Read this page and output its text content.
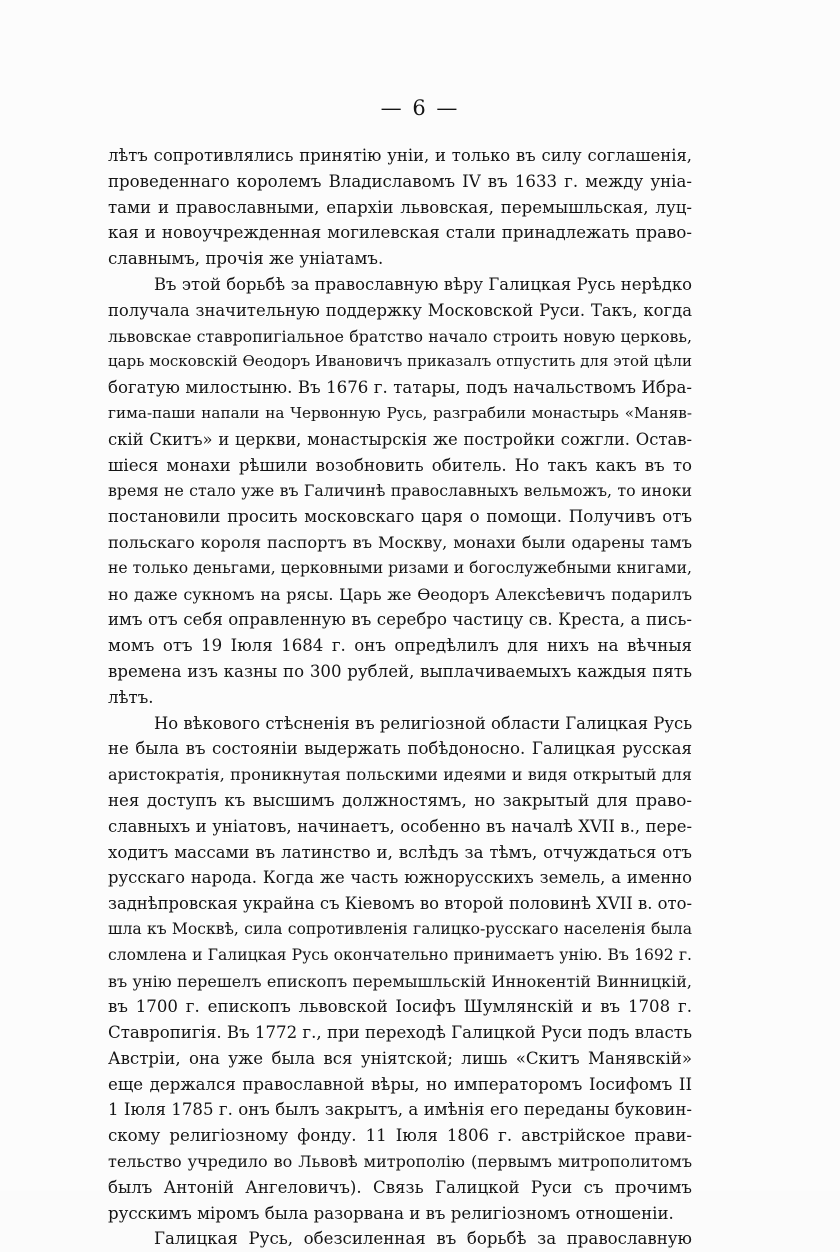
— 6 —
лѣтъ сопротивлялись принятію уніи, и только въ силу соглашенія,
проведеннаго королемъ Владиславомъ IV въ 1633 г. между уніа-
тами и православными, епархіи львовская, перемышльская, луц-
кая и новоучрежденная могилевская стали принадлежать право-
славнымъ, прочія же уніатамъ.
Въ этой борьбѣ за православную вѣру Галицкая Русь нерѣдко
получала значительную поддержку Московской Руси. Такъ, когда
львовскае ставропигіальное братство начало строить новую церковь,
царь московскій Ѳеодоръ Ивановичъ приказалъ отпустить для этой цѣли
богатую милостыню. Въ 1676 г. татары, подъ начальствомъ Ибра-
гима-паши напали на Червонную Русь, разграбили монастырь «Маняв-
скій Скитъ» и церкви, монастырскія же постройки сожгли. Остав-
шіеся монахи рѣшили возобновить обитель. Но такъ какъ въ то
время не стало уже въ Галичинѣ православныхъ вельможъ, то иноки
постановили просить московскаго царя о помощи. Получивъ отъ
польскаго короля паспортъ въ Москву, монахи были одарены тамъ
не только деньгами, церковными ризами и богослужебными книгами,
но даже сукномъ на рясы. Царь же Ѳеодоръ Алексѣевичъ подарилъ
имъ отъ себя оправленную въ серебро частицу св. Креста, а пись-
момъ отъ 19 Іюля 1684 г. онъ опредѣлилъ для нихъ на вѣчныя
времена изъ казны по 300 рублей, выплачиваемыхъ каждыя пять
лѣтъ.
Но вѣкового стѣсненія въ религіозной области Галицкая Русь
не была въ состояніи выдержать побѣдоносно. Галицкая русская
аристократія, проникнутая польскими идеями и видя открытый для
нея доступъ къ высшимъ должностямъ, но закрытый для право-
славныхъ и уніатовъ, начинаетъ, особенно въ началѣ XVII в., пере-
ходитъ массами въ латинство и, вслѣдъ за тѣмъ, отчуждаться отъ
русскаго народа. Когда же часть южнорусскихъ земель, а именно
заднѣпровская украйна съ Кіевомъ во второй половинѣ XVII в. ото-
шла къ Москвѣ, сила сопротивленія галицко-русскаго населенія была
сломлена и Галицкая Русь окончательно принимаетъ унію. Въ 1692 г.
въ унію перешелъ епископъ перемышльскій Иннокентій Винницкій,
въ 1700 г. епископъ львовской Іосифъ Шумлянскій и въ 1708 г.
Ставропигія. Въ 1772 г., при переходѣ Галицкой Руси подъ власть
Австріи, она уже была вся уніятской; лишь «Скитъ Манявскій»
еще держался православной вѣры, но императоромъ Іосифомъ II
1 Іюля 1785 г. онъ былъ закрытъ, а имѣнія его переданы буковин-
скому религіозному фонду. 11 Іюля 1806 г. австрійское прави-
тельство учредило во Львовѣ митрополію (первымъ митрополитомъ
былъ Антоній Ангеловичъ). Связь Галицкой Руси съ прочимъ
русскимъ міромъ была разорвана и въ религіозномъ отношеніи.
Галицкая Русь, обезсиленная въ борьбѣ за православную
